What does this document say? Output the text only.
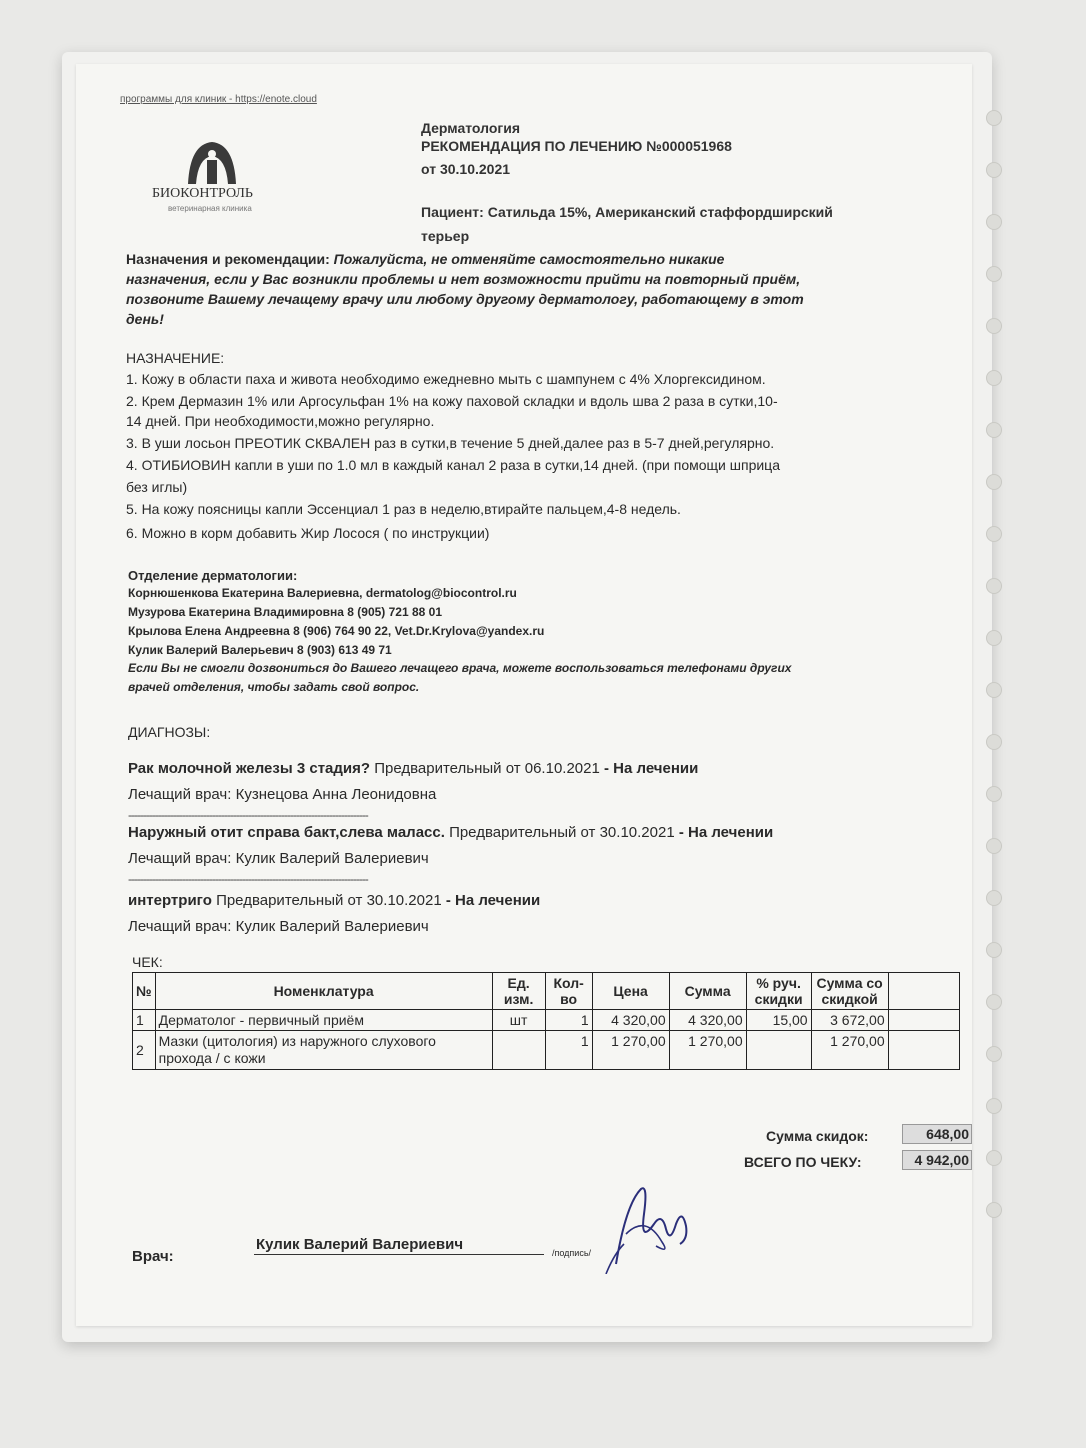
программы для клиник - https://enote.cloud
БИОКОНТРОЛЬ
ветеринарная клиника
Дерматология
РЕКОМЕНДАЦИЯ ПО ЛЕЧЕНИЮ №000051968
от 30.10.2021
Пациент: Сатильда 15%, Американский стаффордширский
терьер
Назначения и рекомендации: Пожалуйста, не отменяйте самостоятельно никакие
назначения, если у Вас возникли проблемы и нет возможности прийти на повторный приём,
позвоните Вашему лечащему врачу или любому другому дерматологу, работающему в этот
день!
НАЗНАЧЕНИЕ:
1. Кожу в области паха и живота необходимо ежедневно мыть с шампунем с 4% Хлоргексидином.
2. Крем Дермазин 1% или Аргосульфан 1% на кожу паховой складки и вдоль шва 2 раза в сутки,10-
14 дней. При необходимости,можно регулярно.
3. В уши лосьон ПРЕОТИК СКВАЛЕН раз в сутки,в течение 5 дней,далее раз в 5-7 дней,регулярно.
4. ОТИБИОВИН капли в уши по 1.0 мл в каждый канал 2 раза в сутки,14 дней. (при помощи шприца
без иглы)
5. На кожу поясницы капли Эссенциал 1 раз в неделю,втирайте пальцем,4-8 недель.
6. Можно в корм добавить Жир Лосося ( по инструкции)
Отделение дерматологии:
Корнюшенкова Екатерина Валериевна, dermatolog@biocontrol.ru
Музурова Екатерина Владимировна 8 (905) 721 88 01
Крылова Елена Андреевна 8 (906) 764 90 22, Vet.Dr.Krylova@yandex.ru
Кулик Валерий Валерьевич 8 (903) 613 49 71
Если Вы не смогли дозвониться до Вашего лечащего врача, можете воспользоваться телефонами других
врачей отделения, чтобы задать свой вопрос.
ДИАГНОЗЫ:
Рак молочной железы 3 стадия? Предварительный от 06.10.2021 - На лечении
Лечащий врач: Кузнецова Анна Леонидовна
--------------------------------------------------------------------------------
Наружный отит справа бакт,слева маласс. Предварительный от 30.10.2021 - На лечении
Лечащий врач: Кулик Валерий Валериевич
--------------------------------------------------------------------------------
интертриго Предварительный от 30.10.2021 - На лечении
Лечащий врач: Кулик Валерий Валериевич
ЧЕК:
№	Номенклатура	Ед. изм.	Кол-во	Цена	Сумма	% руч. скидки	Сумма со скидкой	
1	Дерматолог - первичный приём	шт	1	4 320,00	4 320,00	15,00	3 672,00	
2	Мазки (цитология) из наружного слухового прохода / с кожи		1	1 270,00	1 270,00		1 270,00	
Сумма скидок:	648,00
ВСЕГО ПО ЧЕКУ:	4 942,00
Врач:
Кулик Валерий Валериевич	/подпись/
